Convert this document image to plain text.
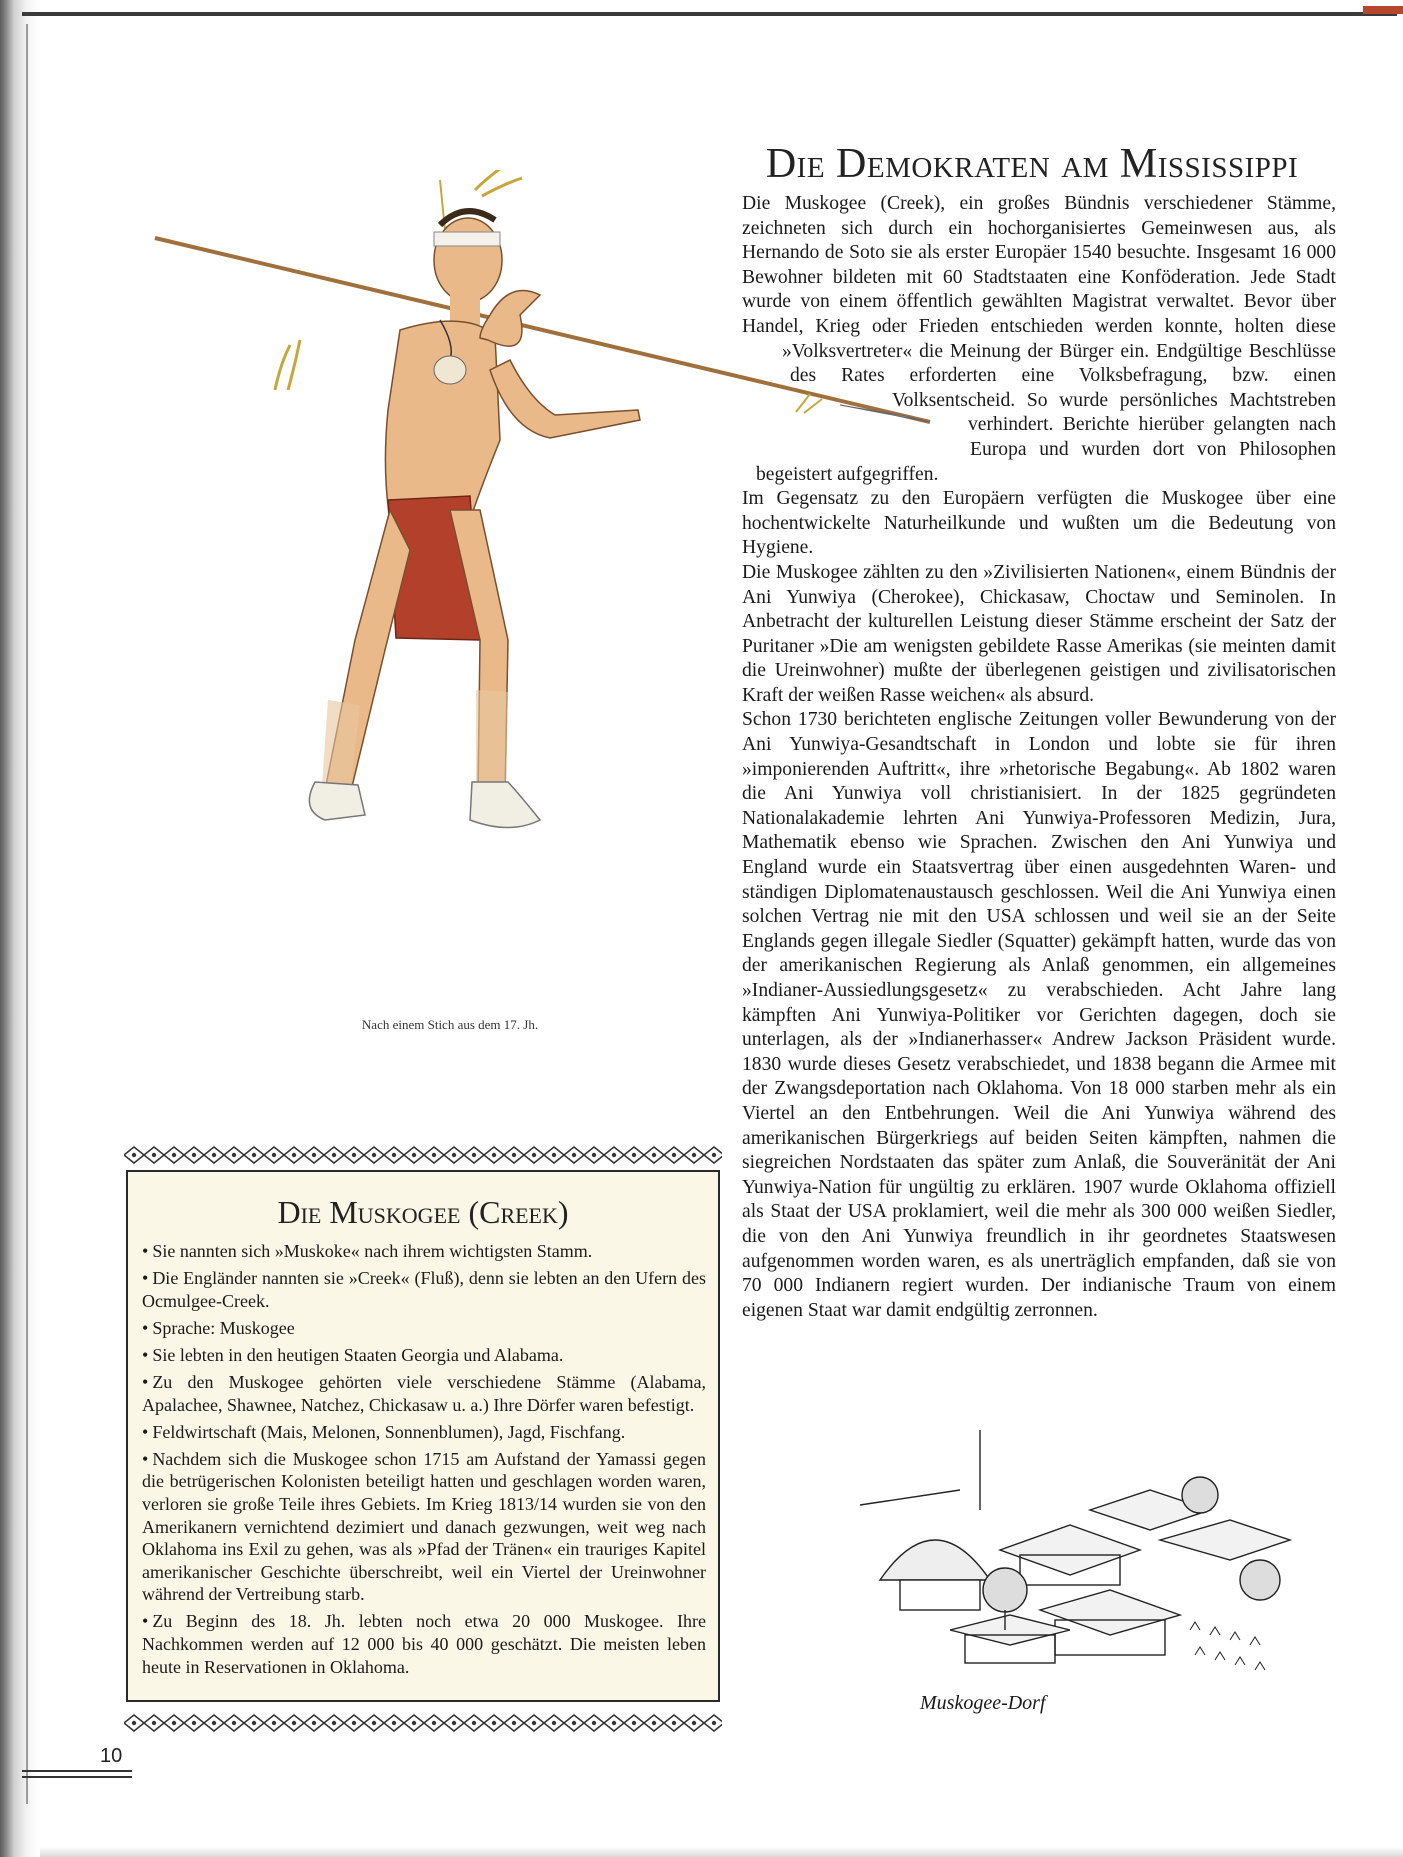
Die Demokraten am Mississippi

Die Muskogee (Creek), ein großes Bündnis verschiedener Stämme, zeichneten sich durch ein hochorganisiertes Gemeinwesen aus, als Hernando de Soto sie als erster Europäer 1540 besuchte. Insgesamt 16 000 Bewohner bildeten mit 60 Stadtstaaten eine Konföderation. Jede Stadt wurde von einem öffentlich gewählten Magistrat verwaltet. Bevor über Handel, Krieg oder Frieden entschieden werden konnte, holten diese »Volksvertreter« die Meinung der Bürger ein. Endgültige Beschlüsse des Rates erforderten eine Volksbefragung, bzw. einen Volksentscheid. So wurde persönliches Machtstreben verhindert. Berichte hierüber gelangten nach Europa und wurden dort von Philosophen begeistert aufgegriffen.

Im Gegensatz zu den Europäern verfügten die Muskogee über eine hochentwickelte Naturheilkunde und wußten um die Bedeutung von Hygiene.

Die Muskogee zählten zu den »Zivilisierten Nationen«, einem Bündnis der Ani Yunwiya (Cherokee), Chickasaw, Choctaw und Seminolen. In Anbetracht der kulturellen Leistung dieser Stämme erscheint der Satz der Puritaner »Die am wenigsten gebildete Rasse Amerikas (sie meinten damit die Ureinwohner) mußte der überlegenen geistigen und zivilisatorischen Kraft der weißen Rasse weichen« als absurd.

Schon 1730 berichteten englische Zeitungen voller Bewunderung von der Ani Yunwiya-Gesandtschaft in London und lobte sie für ihren »imponierenden Auftritt«, ihre »rhetorische Begabung«. Ab 1802 waren die Ani Yunwiya voll christianisiert. In der 1825 gegründeten Nationalakademie lehrten Ani Yunwiya-Professoren Medizin, Jura, Mathematik ebenso wie Sprachen. Zwischen den Ani Yunwiya und England wurde ein Staatsvertrag über einen ausgedehnten Waren- und ständigen Diplomatenaustausch geschlossen. Weil die Ani Yunwiya einen solchen Vertrag nie mit den USA schlossen und weil sie an der Seite Englands gegen illegale Siedler (Squatter) gekämpft hatten, wurde das von der amerikanischen Regierung als Anlaß genommen, ein allgemeines »Indianer-Aussiedlungsgesetz« zu verabschieden. Acht Jahre lang kämpften Ani Yunwiya-Politiker vor Gerichten dagegen, doch sie unterlagen, als der »Indianerhasser« Andrew Jackson Präsident wurde. 1830 wurde dieses Gesetz verabschiedet, und 1838 begann die Armee mit der Zwangsdeportation nach Oklahoma. Von 18 000 starben mehr als ein Viertel an den Entbehrungen. Weil die Ani Yunwiya während des amerikanischen Bürgerkriegs auf beiden Seiten kämpften, nahmen die siegreichen Nordstaaten das später zum Anlaß, die Souveränität der Ani Yunwiya-Nation für ungültig zu erklären. 1907 wurde Oklahoma offiziell als Staat der USA proklamiert, weil die mehr als 300 000 weißen Siedler, die von den Ani Yunwiya freundlich in ihr geordnetes Staatswesen aufgenommen worden waren, es als unerträglich empfanden, daß sie von 70 000 Indianern regiert wurden. Der indianische Traum von einem eigenen Staat war damit endgültig zerronnen.

Nach einem Stich aus dem 17. Jh.
Die Muskogee (Creek)
• Sie nannten sich »Muskoke« nach ihrem wichtigsten Stamm.
• Die Engländer nannten sie »Creek« (Fluß), denn sie lebten an den Ufern des Ocmulgee-Creek.
• Sprache: Muskogee
• Sie lebten in den heutigen Staaten Georgia und Alabama.
• Zu den Muskogee gehörten viele verschiedene Stämme (Alabama, Apalachee, Shawnee, Natchez, Chickasaw u. a.) Ihre Dörfer waren befestigt.
• Feldwirtschaft (Mais, Melonen, Sonnenblumen), Jagd, Fischfang.
• Nachdem sich die Muskogee schon 1715 am Aufstand der Yamassi gegen die betrügerischen Kolonisten beteiligt hatten und geschlagen worden waren, verloren sie große Teile ihres Gebiets. Im Krieg 1813/14 wurden sie von den Amerikanern vernichtend dezimiert und danach gezwungen, weit weg nach Oklahoma ins Exil zu gehen, was als »Pfad der Tränen« ein trauriges Kapitel amerikanischer Geschichte überschreibt, weil ein Viertel der Ureinwohner während der Vertreibung starb.
• Zu Beginn des 18. Jh. lebten noch etwa 20 000 Muskogee. Ihre Nachkommen werden auf 12 000 bis 40 000 geschätzt. Die meisten leben heute in Reservationen in Oklahoma.
Muskogee-Dorf
10
